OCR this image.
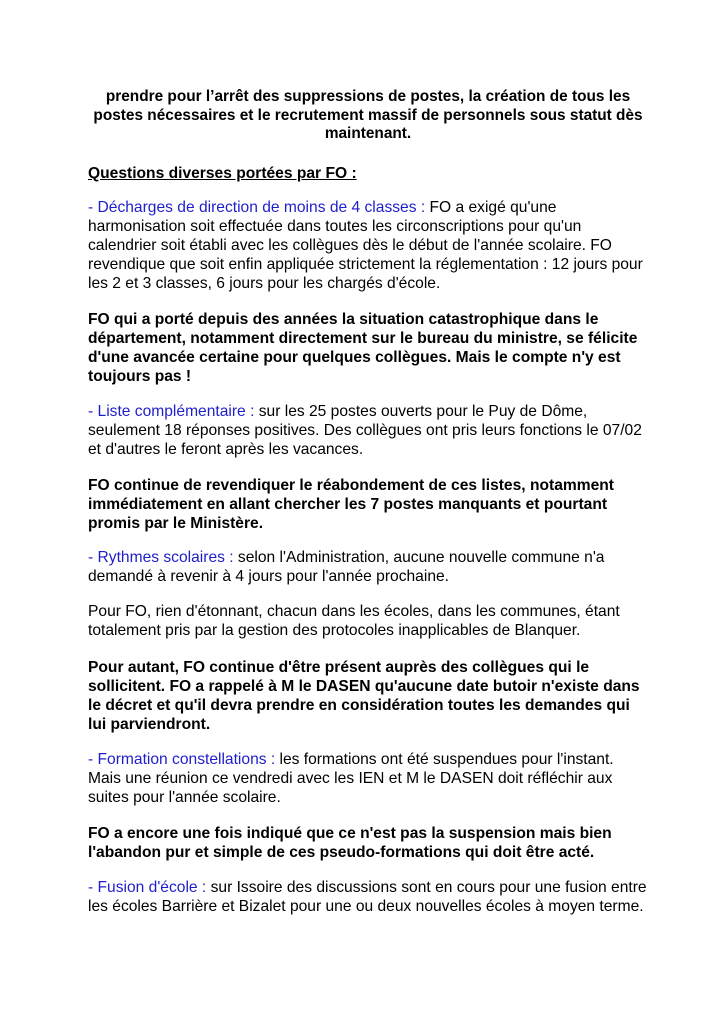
prendre pour l’arrêt des suppressions de postes, la création de tous les postes nécessaires et le recrutement massif de personnels sous statut dès maintenant.

Questions diverses portées par FO :

- Décharges de direction de moins de 4 classes : FO a exigé qu'une harmonisation soit effectuée dans toutes les circonscriptions pour qu'un calendrier soit établi avec les collègues dès le début de l'année scolaire. FO revendique que soit enfin appliquée strictement la réglementation : 12 jours pour les 2 et 3 classes, 6 jours pour les chargés d'école.

FO qui a porté depuis des années la situation catastrophique dans le département, notamment directement sur le bureau du ministre, se félicite d'une avancée certaine pour quelques collègues. Mais le compte n'y est toujours pas !

- Liste complémentaire : sur les 25 postes ouverts pour le Puy de Dôme, seulement 18 réponses positives. Des collègues ont pris leurs fonctions le 07/02 et d'autres le feront après les vacances.

FO continue de revendiquer le réabondement de ces listes, notamment immédiatement en allant chercher les 7 postes manquants et pourtant promis par le Ministère.

- Rythmes scolaires : selon l'Administration, aucune nouvelle commune n'a demandé à revenir à 4 jours pour l'année prochaine.

Pour FO, rien d'étonnant, chacun dans les écoles, dans les communes, étant totalement pris par la gestion des protocoles inapplicables de Blanquer.

Pour autant, FO continue d'être présent auprès des collègues qui le sollicitent. FO a rappelé à M le DASEN qu'aucune date butoir n'existe dans le décret et qu'il devra prendre en considération toutes les demandes qui lui parviendront.

- Formation constellations : les formations ont été suspendues pour l'instant. Mais une réunion ce vendredi avec les IEN et M le DASEN doit réfléchir aux suites pour l'année scolaire.

FO a encore une fois indiqué que ce n'est pas la suspension mais bien l'abandon pur et simple de ces pseudo-formations qui doit être acté.

- Fusion d'école : sur Issoire des discussions sont en cours pour une fusion entre les écoles Barrière et Bizalet pour une ou deux nouvelles écoles à moyen terme.
